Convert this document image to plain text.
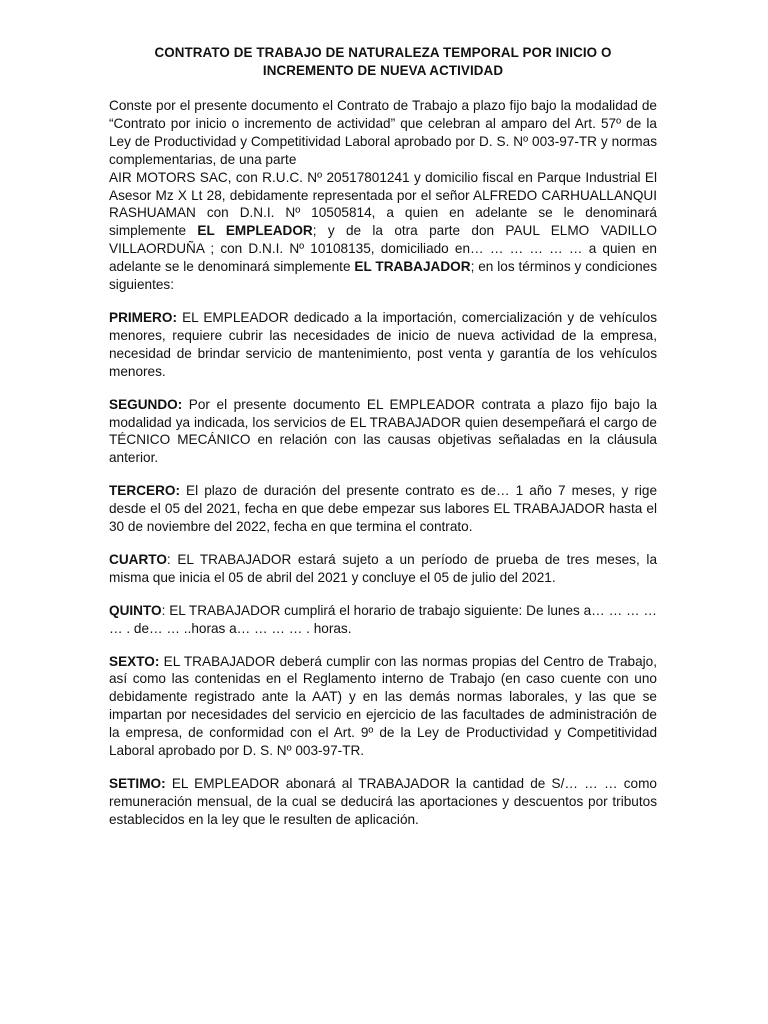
CONTRATO DE TRABAJO DE NATURALEZA TEMPORAL POR INICIO O
INCREMENTO DE NUEVA ACTIVIDAD

Conste por el presente documento el Contrato de Trabajo a plazo fijo bajo la modalidad de “Contrato por inicio o incremento de actividad” que celebran al amparo del Art. 57º de la Ley de Productividad y Competitividad Laboral aprobado por D. S. Nº 003-97-TR y normas complementarias, de una parte
AIR MOTORS SAC, con R.U.C. Nº 20517801241 y domicilio fiscal en Parque Industrial El Asesor Mz X Lt 28, debidamente representada por el señor ALFREDO CARHUALLANQUI RASHUAMAN con D.N.I. Nº 10505814, a quien en adelante se le denominará simplemente EL EMPLEADOR; y de la otra parte don PAUL ELMO VADILLO VILLAORDUÑA ; con D.N.I. Nº 10108135, domiciliado en… … … … … … a quien en adelante se le denominará simplemente EL TRABAJADOR; en los términos y condiciones siguientes:

PRIMERO: EL EMPLEADOR dedicado a la importación, comercialización y de vehículos menores, requiere cubrir las necesidades de inicio de nueva actividad de la empresa, necesidad de brindar servicio de mantenimiento, post venta y garantía de los vehículos menores.

SEGUNDO: Por el presente documento EL EMPLEADOR contrata a plazo fijo bajo la modalidad ya indicada, los servicios de EL TRABAJADOR quien desempeñará el cargo de TÉCNICO MECÁNICO en relación con las causas objetivas señaladas en la cláusula anterior.

TERCERO: El plazo de duración del presente contrato es de… 1 año 7 meses, y rige desde el 05 del 2021, fecha en que debe empezar sus labores EL TRABAJADOR hasta el 30 de noviembre del 2022, fecha en que termina el contrato.

CUARTO: EL TRABAJADOR estará sujeto a un período de prueba de tres meses, la misma que inicia el 05 de abril del 2021 y concluye el 05 de julio del 2021.

QUINTO: EL TRABAJADOR cumplirá el horario de trabajo siguiente: De lunes a… … … … … . de… … ..horas a… … … … . horas.

SEXTO: EL TRABAJADOR deberá cumplir con las normas propias del Centro de Trabajo, así como las contenidas en el Reglamento interno de Trabajo (en caso cuente con uno debidamente registrado ante la AAT) y en las demás normas laborales, y las que se impartan por necesidades del servicio en ejercicio de las facultades de administración de la empresa, de conformidad con el Art. 9º de la Ley de Productividad y Competitividad Laboral aprobado por D. S. Nº 003-97-TR.

SETIMO: EL EMPLEADOR abonará al TRABAJADOR la cantidad de S/… … … como remuneración mensual, de la cual se deducirá las aportaciones y descuentos por tributos establecidos en la ley que le resulten de aplicación.
